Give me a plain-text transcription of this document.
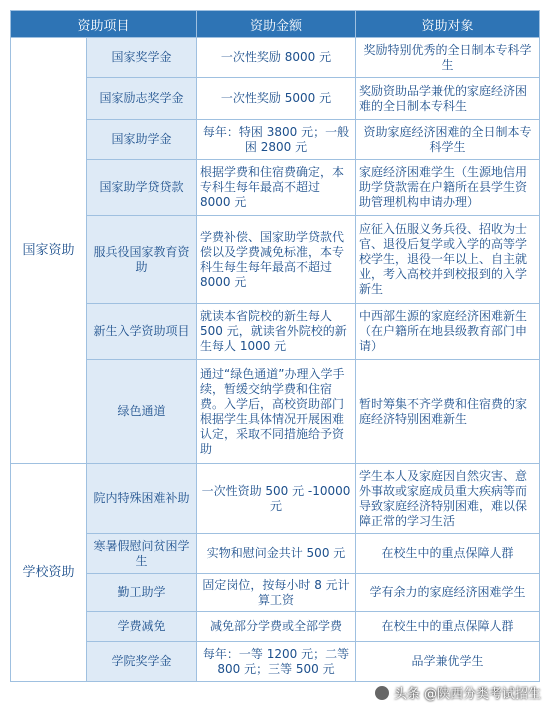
资助项目		资助金额	资助对象
国家资助	国家奖学金	一次性奖励 8000 元	奖励特别优秀的全日制本专科学生
	国家励志奖学金	一次性奖励 5000 元	奖励资助品学兼优的家庭经济困难的全日制本专科生
	国家助学金	每年：特困 3800 元；一般困 2800 元	资助家庭经济困难的全日制本专科学生
	国家助学贷贷款	根据学费和住宿费确定，本专科生每年最高不超过 8000 元	家庭经济困难学生（生源地信用助学贷款需在户籍所在县学生资助管理机构申请办理）
	服兵役国家教育资助	学费补偿、国家助学贷款代偿以及学费减免标准，本专科生每生每年最高不超过 8000 元	应征入伍服义务兵役、招收为士官、退役后复学或入学的高等学校学生，退役一年以上、自主就业，考入高校并到校报到的入学新生
	新生入学资助项目	就读本省院校的新生每人 500 元，就读省外院校的新生每人 1000 元	中西部生源的家庭经济困难新生（在户籍所在地县级教育部门申请）
	绿色通道	通过“绿色通道”办理入学手续，暂缓交纳学费和住宿费。入学后，高校资助部门根据学生具体情况开展困难认定，采取不同措施给予资助	暂时筹集不齐学费和住宿费的家庭经济特别困难新生
学校资助	院内特殊困难补助	一次性资助 500 元 -10000 元	学生本人及家庭因自然灾害、意外事故或家庭成员重大疾病等而导致家庭经济特别困难，难以保障正常的学习生活
	寒暑假慰问贫困学生	实物和慰问金共计 500 元	在校生中的重点保障人群
	勤工助学	固定岗位，按每小时 8 元计算工资	学有余力的家庭经济困难学生
	学费减免	减免部分学费或全部学费	在校生中的重点保障人群
	学院奖学金	每年：一等 1200 元；二等 800 元；三等 500 元	品学兼优学生
头条 @陕西分类考试招生
